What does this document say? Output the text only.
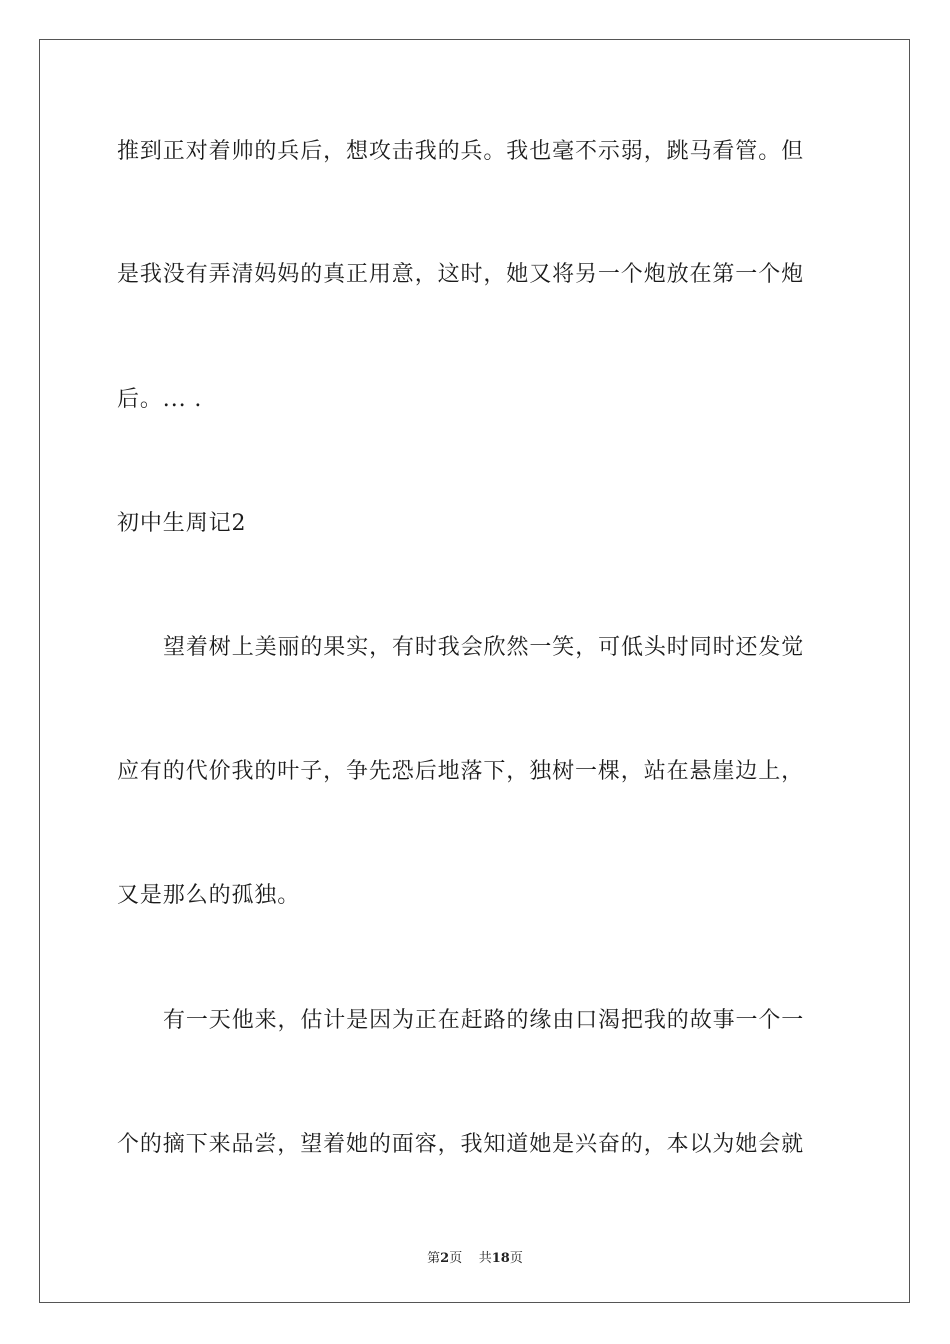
推到正对着帅的兵后，想攻击我的兵。我也毫不示弱，跳马看管。但
是我没有弄清妈妈的真正用意，这时，她又将另一个炮放在第一个炮
后。... .
初中生周记2
望着树上美丽的果实，有时我会欣然一笑，可低头时同时还发觉
应有的代价我的叶子，争先恐后地落下，独树一棵，站在悬崖边上，
又是那么的孤独。
有一天他来，估计是因为正在赶路的缘由口渴把我的故事一个一
个的摘下来品尝，望着她的面容，我知道她是兴奋的，本以为她会就
第2页 共18页
